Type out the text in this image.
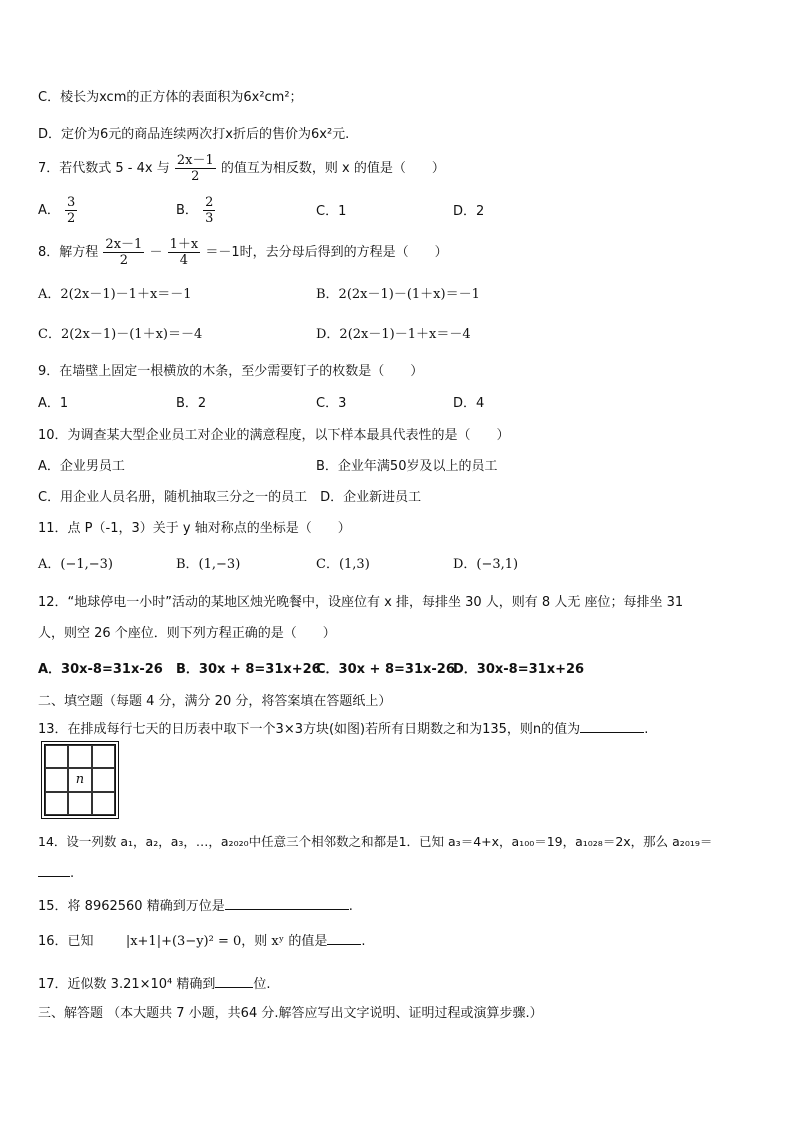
C．棱长为xcm的正方体的表面积为6x²cm²；
D．定价为6元的商品连续两次打x折后的售价为6x²元.
7．若代数式 5 - 4x 与 $\frac{2x-1}{2}$ 的值互为相反数，则 x 的值是（　　）
A． $\frac{3}{2}$	B． $\frac{2}{3}$	C．1	D．2
8．解方程 $\frac{2x-1}{2} - \frac{1+x}{4} =-1$时，去分母后得到的方程是（　　）
A．2(2x－1)－1＋x＝－1	B．2(2x－1)－(1＋x)＝－1
C．2(2x－1)－(1＋x)＝－4	D．2(2x－1)－1＋x＝－4
9．在墙壁上固定一根横放的木条，至少需要钉子的枚数是（　　）
A．1	B．2	C．3	D．4
10．为调查某大型企业员工对企业的满意程度，以下样本最具代表性的是（　　）
A．企业男员工	B．企业年满50岁及以上的员工
C．用企业人员名册，随机抽取三分之一的员工　D．企业新进员工
11．点 P（-1，3）关于 y 轴对称点的坐标是（　　）
A．(−1,−3)	B．(1,−3)	C．(1,3)	D．(−3,1)
12．“地球停电一小时”活动的某地区烛光晚餐中，设座位有 x 排，每排坐 30 人，则有 8 人无 座位；每排坐 31
人，则空 26 个座位．则下列方程正确的是（　　）
A．30x-8=31x-26 B．30x + 8=31x+26
C．30x + 8=31x-26
D．30x-8=31x+26
二、填空题（每题 4 分，满分 20 分，将答案填在答题纸上）
13．在排成每行七天的日历表中取下一个3×3方块(如图)若所有日期数之和为135，则n的值为	.
n
14．设一列数 a₁，a₂，a₃，…，a₂₀₂₀中任意三个相邻数之和都是1．已知 a₃＝4+x，a₁₀₀＝19，a₁₀₂₈＝2x，那么 a₂₀₁₉＝
.
15．将 8962560 精确到万位是	.
16．已知 |x+1|+(3−y)² = 0，则 xʸ 的值是	.
17．近似数 3.21×10⁴ 精确到	位.
三、解答题 （本大题共 7 小题，共64 分.解答应写出文字说明、证明过程或演算步骤.）
